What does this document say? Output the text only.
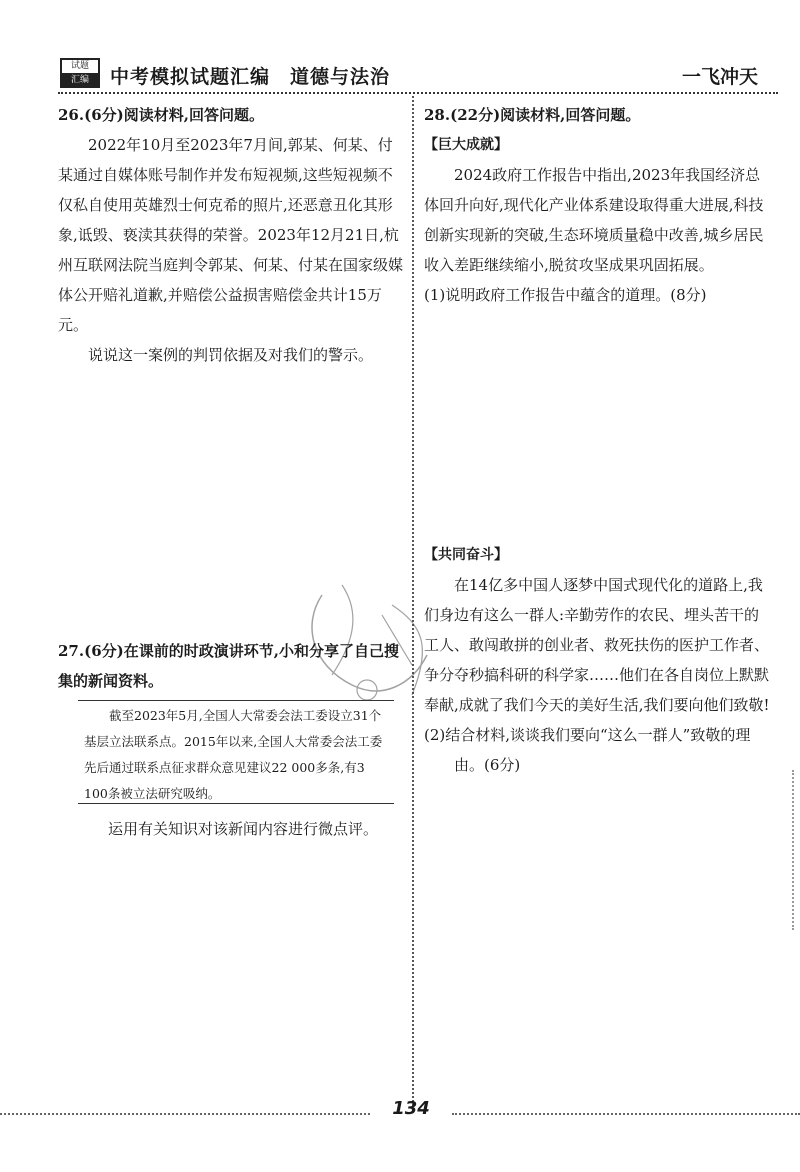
试题
汇编	中考模拟试题汇编　道德与法治	一飞冲天

26.(6分)阅读材料,回答问题。

2022年10月至2023年7月间,郭某、何某、付某通过自媒体账号制作并发布短视频,这些短视频不仅私自使用英雄烈士何克希的照片,还恶意丑化其形象,诋毁、亵渎其获得的荣誉。2023年12月21日,杭州互联网法院当庭判令郭某、何某、付某在国家级媒体公开赔礼道歉,并赔偿公益损害赔偿金共计15万元。

说说这一案例的判罚依据及对我们的警示。

27.(6分)在课前的时政演讲环节,小和分享了自己搜集的新闻资料。

截至2023年5月,全国人大常委会法工委设立31个基层立法联系点。2015年以来,全国人大常委会法工委先后通过联系点征求群众意见建议22 000多条,有3 100条被立法研究吸纳。

运用有关知识对该新闻内容进行微点评。

28.(22分)阅读材料,回答问题。

【巨大成就】

2024政府工作报告中指出,2023年我国经济总体回升向好,现代化产业体系建设取得重大进展,科技创新实现新的突破,生态环境质量稳中改善,城乡居民收入差距继续缩小,脱贫攻坚成果巩固拓展。

(1)说明政府工作报告中蕴含的道理。(8分)

【共同奋斗】

在14亿多中国人逐梦中国式现代化的道路上,我们身边有这么一群人:辛勤劳作的农民、埋头苦干的工人、敢闯敢拼的创业者、救死扶伤的医护工作者、争分夺秒搞科研的科学家……他们在各自岗位上默默奉献,成就了我们今天的美好生活,我们要向他们致敬!

(2)结合材料,谈谈我们要向“这么一群人”致敬的理由。(6分)

134
